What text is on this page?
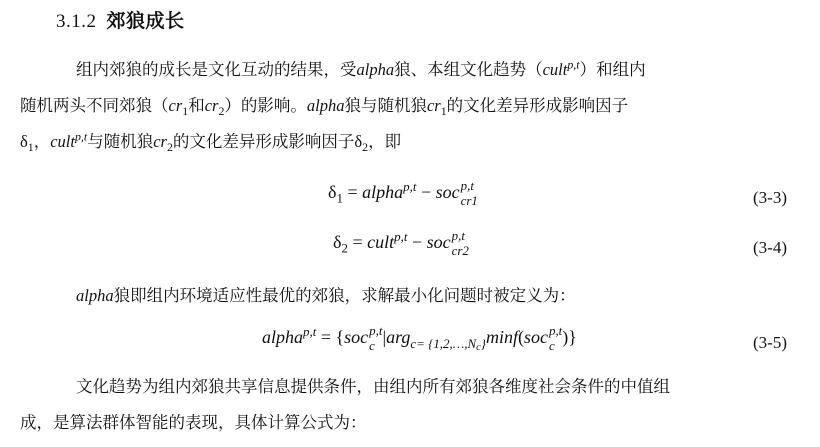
3.1.2 郊狼成长
组内郊狼的成长是文化互动的结果，受alpha狼、本组文化趋势（cult$^{p,t}$）和组内
随机两头不同郊狼（$cr_1$和$cr_2$）的影响。alpha狼与随机狼$cr_1$的文化差异形成影响因子
$\delta_1$，cult$^{p,t}$与随机狼$cr_2$的文化差异形成影响因子$\delta_2$，即
$\delta_1$ = alpha$^{p,t}$ − soc p,t
cr1	(3-3)
$\delta_2$ = cult$^{p,t}$ − soc p,t
cr2	(3-4)
alpha狼即组内环境适应性最优的郊狼，求解最小化问题时被定义为：
alpha$^{p,t}$ = {soc p,t
c |arg$_{c= \{1,2,\dots,Nc\}}$minf(soc p,t
c )}	(3-5)
文化趋势为组内郊狼共享信息提供条件，由组内所有郊狼各维度社会条件的中值组
成，是算法群体智能的表现，具体计算公式为：
